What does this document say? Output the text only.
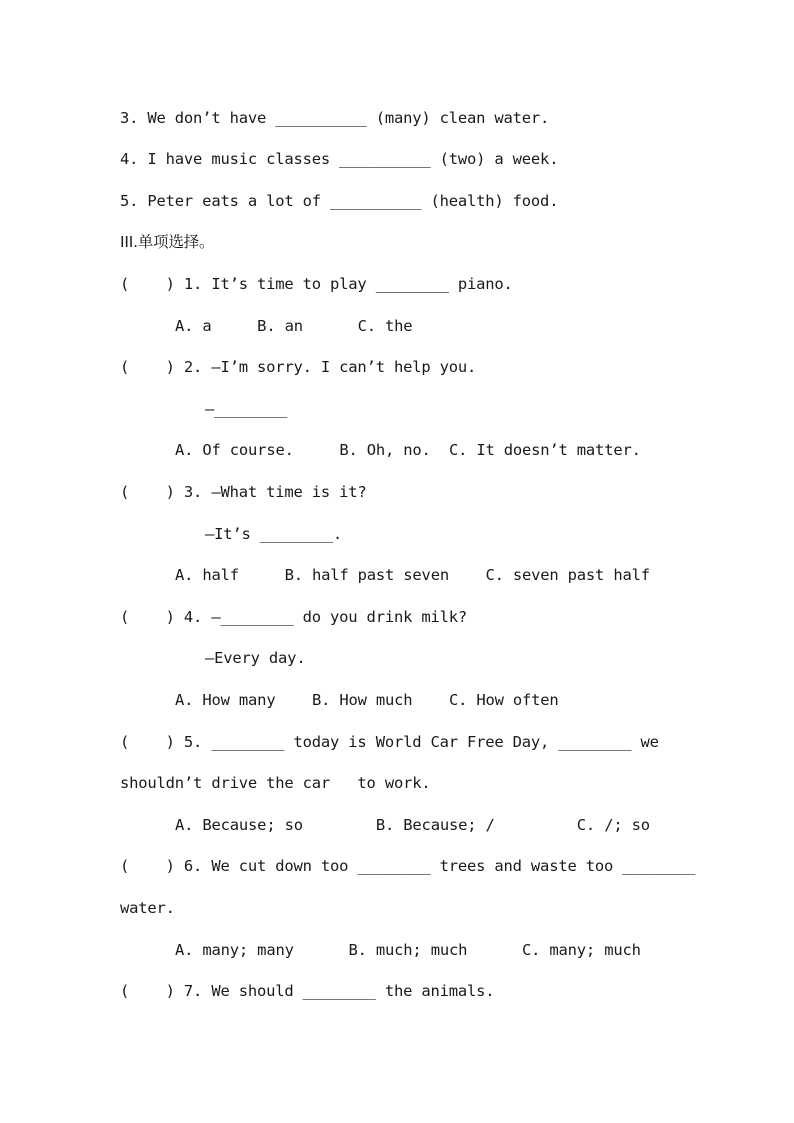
3. We don’t have __________ (many) clean water.
4. I have music classes __________ (two) a week.
5. Peter eats a lot of __________ (health) food.
III.单项选择。
(    ) 1. It’s time to play ________ piano.
A. a     B. an      C. the
(    ) 2. —I’m sorry. I can’t help you.
—________
A. Of course.     B. Oh, no.  C. It doesn’t matter.
(    ) 3. —What time is it?
—It’s ________.
A. half     B. half past seven    C. seven past half
(    ) 4. —________ do you drink milk?
—Every day.
A. How many    B. How much    C. How often
(    ) 5. ________ today is World Car Free Day, ________ we
shouldn’t drive the car   to work.
A. Because; so        B. Because; /         C. /; so
(    ) 6. We cut down too ________ trees and waste too ________
water.
A. many; many      B. much; much      C. many; much
(    ) 7. We should ________ the animals.
